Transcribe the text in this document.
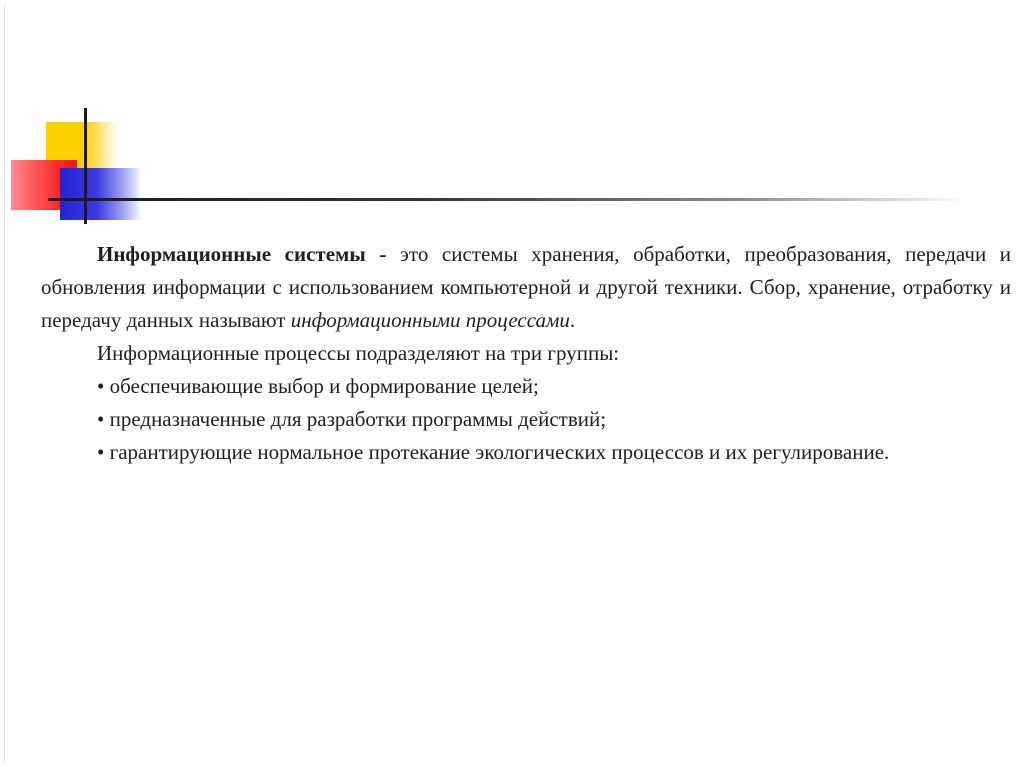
Информационные системы - это системы хранения, обработки, преобразования, передачи и обновления информации с использованием компьютерной и другой техники. Сбор, хранение, отработку и передачу данных называют информационными процессами.

Информационные процессы подразделяют на три группы:

• обеспечивающие выбор и формирование целей;

• предназначенные для разработки программы действий;

• гарантирующие нормальное протекание экологических процессов и их регулирование.
